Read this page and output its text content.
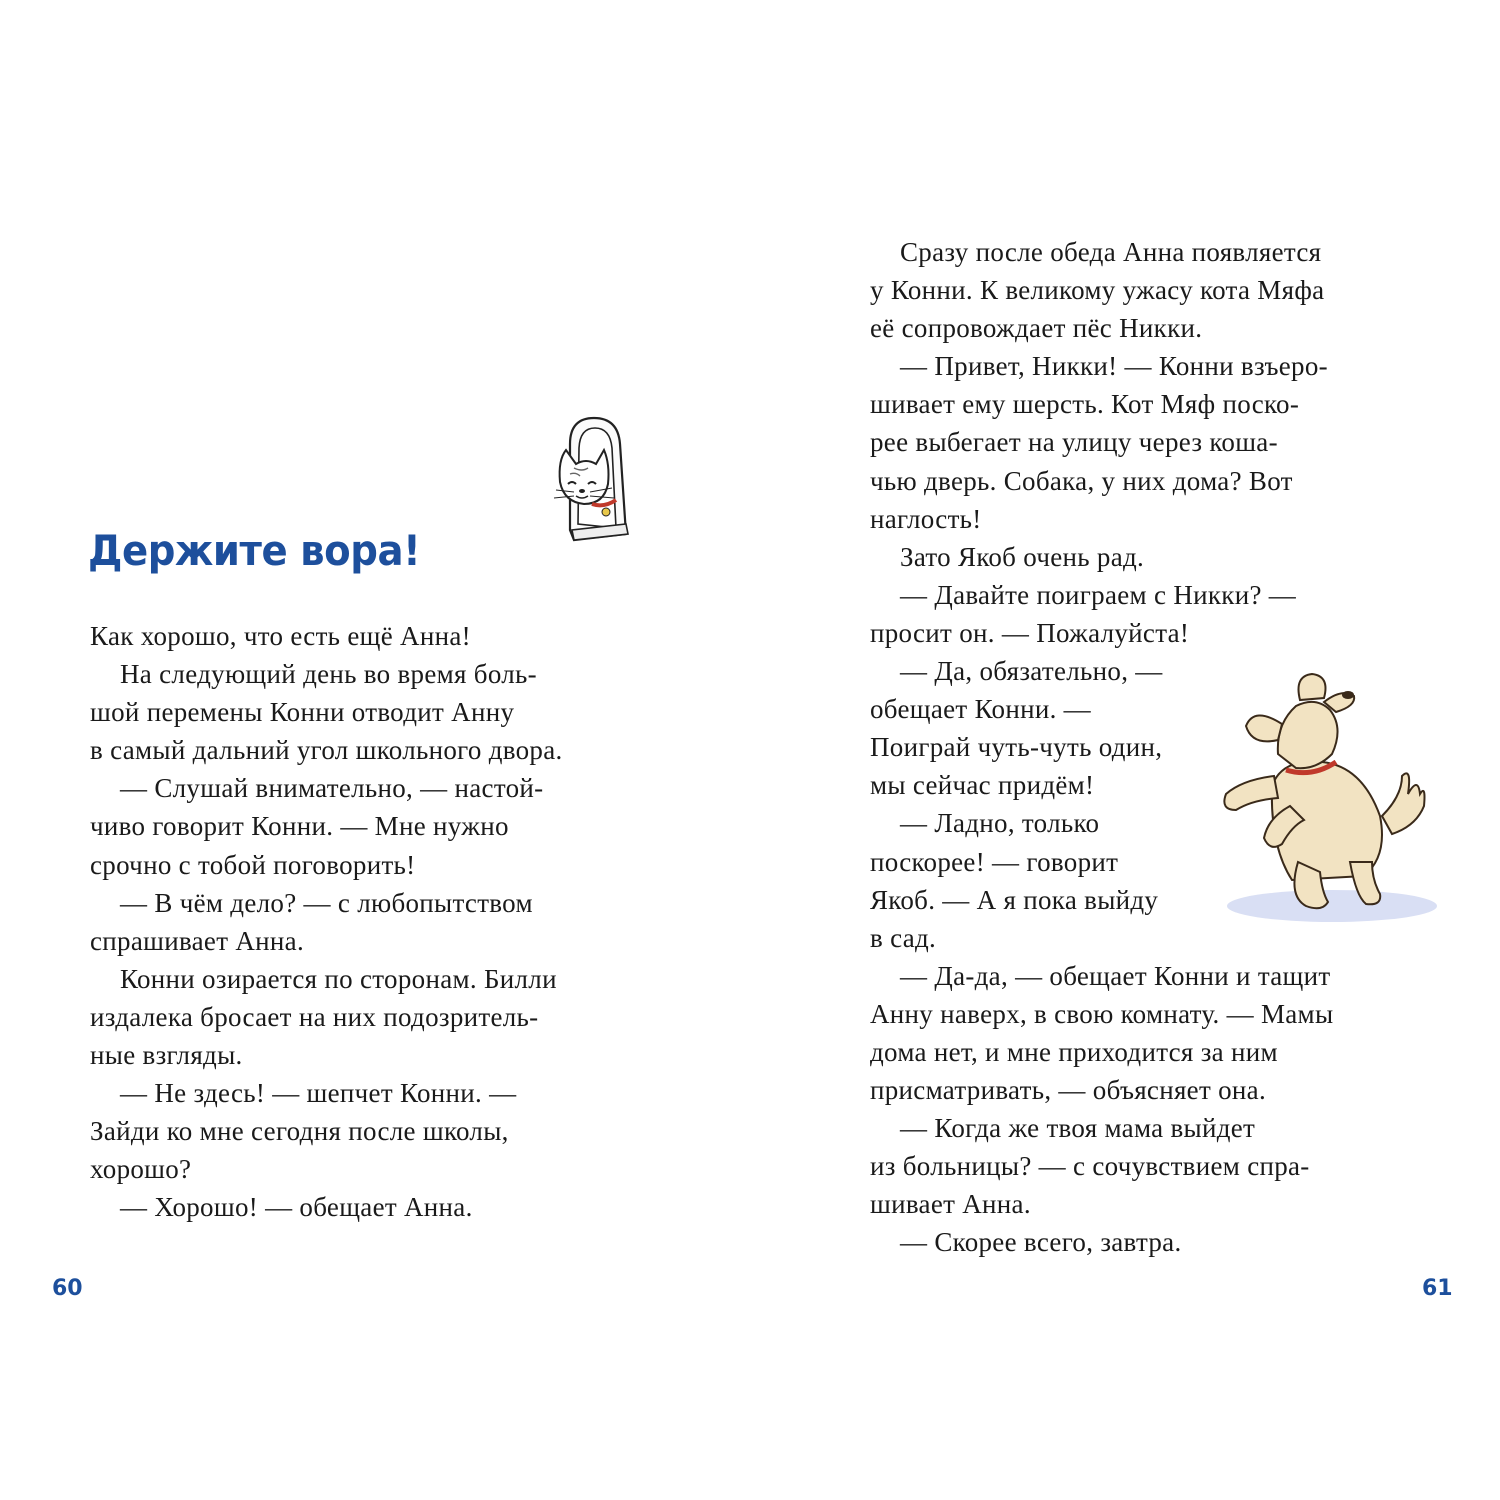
Держите вора!
Как хорошо, что есть ещё Анна!
На следующий день во время боль-
шой перемены Конни отводит Анну
в самый дальний угол школьного двора.
— Слушай внимательно, — настой-
чиво говорит Конни. — Мне нужно
срочно с тобой поговорить!
— В чём дело? — с любопытством
спрашивает Анна.
Конни озирается по сторонам. Билли
издалека бросает на них подозритель-
ные взгляды.
— Не здесь! — шепчет Конни. —
Зайди ко мне сегодня после школы,
хорошо?
— Хорошо! — обещает Анна.
60
Сразу после обеда Анна появляется
у Конни. К великому ужасу кота Мяфа
её сопровождает пёс Никки.
— Привет, Никки! — Конни взъеро-
шивает ему шерсть. Кот Мяф поско-
рее выбегает на улицу через коша-
чью дверь. Собака, у них дома? Вот
наглость!
Зато Якоб очень рад.
— Давайте поиграем с Никки? —
просит он. — Пожалуйста!
— Да, обязательно, —
обещает Конни. —
Поиграй чуть-чуть один,
мы сейчас придём!
— Ладно, только
поскорее! — говорит
Якоб. — А я пока выйду
в сад.
— Да-да, — обещает Конни и тащит
Анну наверх, в свою комнату. — Мамы
дома нет, и мне приходится за ним
присматривать, — объясняет она.
— Когда же твоя мама выйдет
из больницы? — с сочувствием спра-
шивает Анна.
— Скорее всего, завтра.
61
